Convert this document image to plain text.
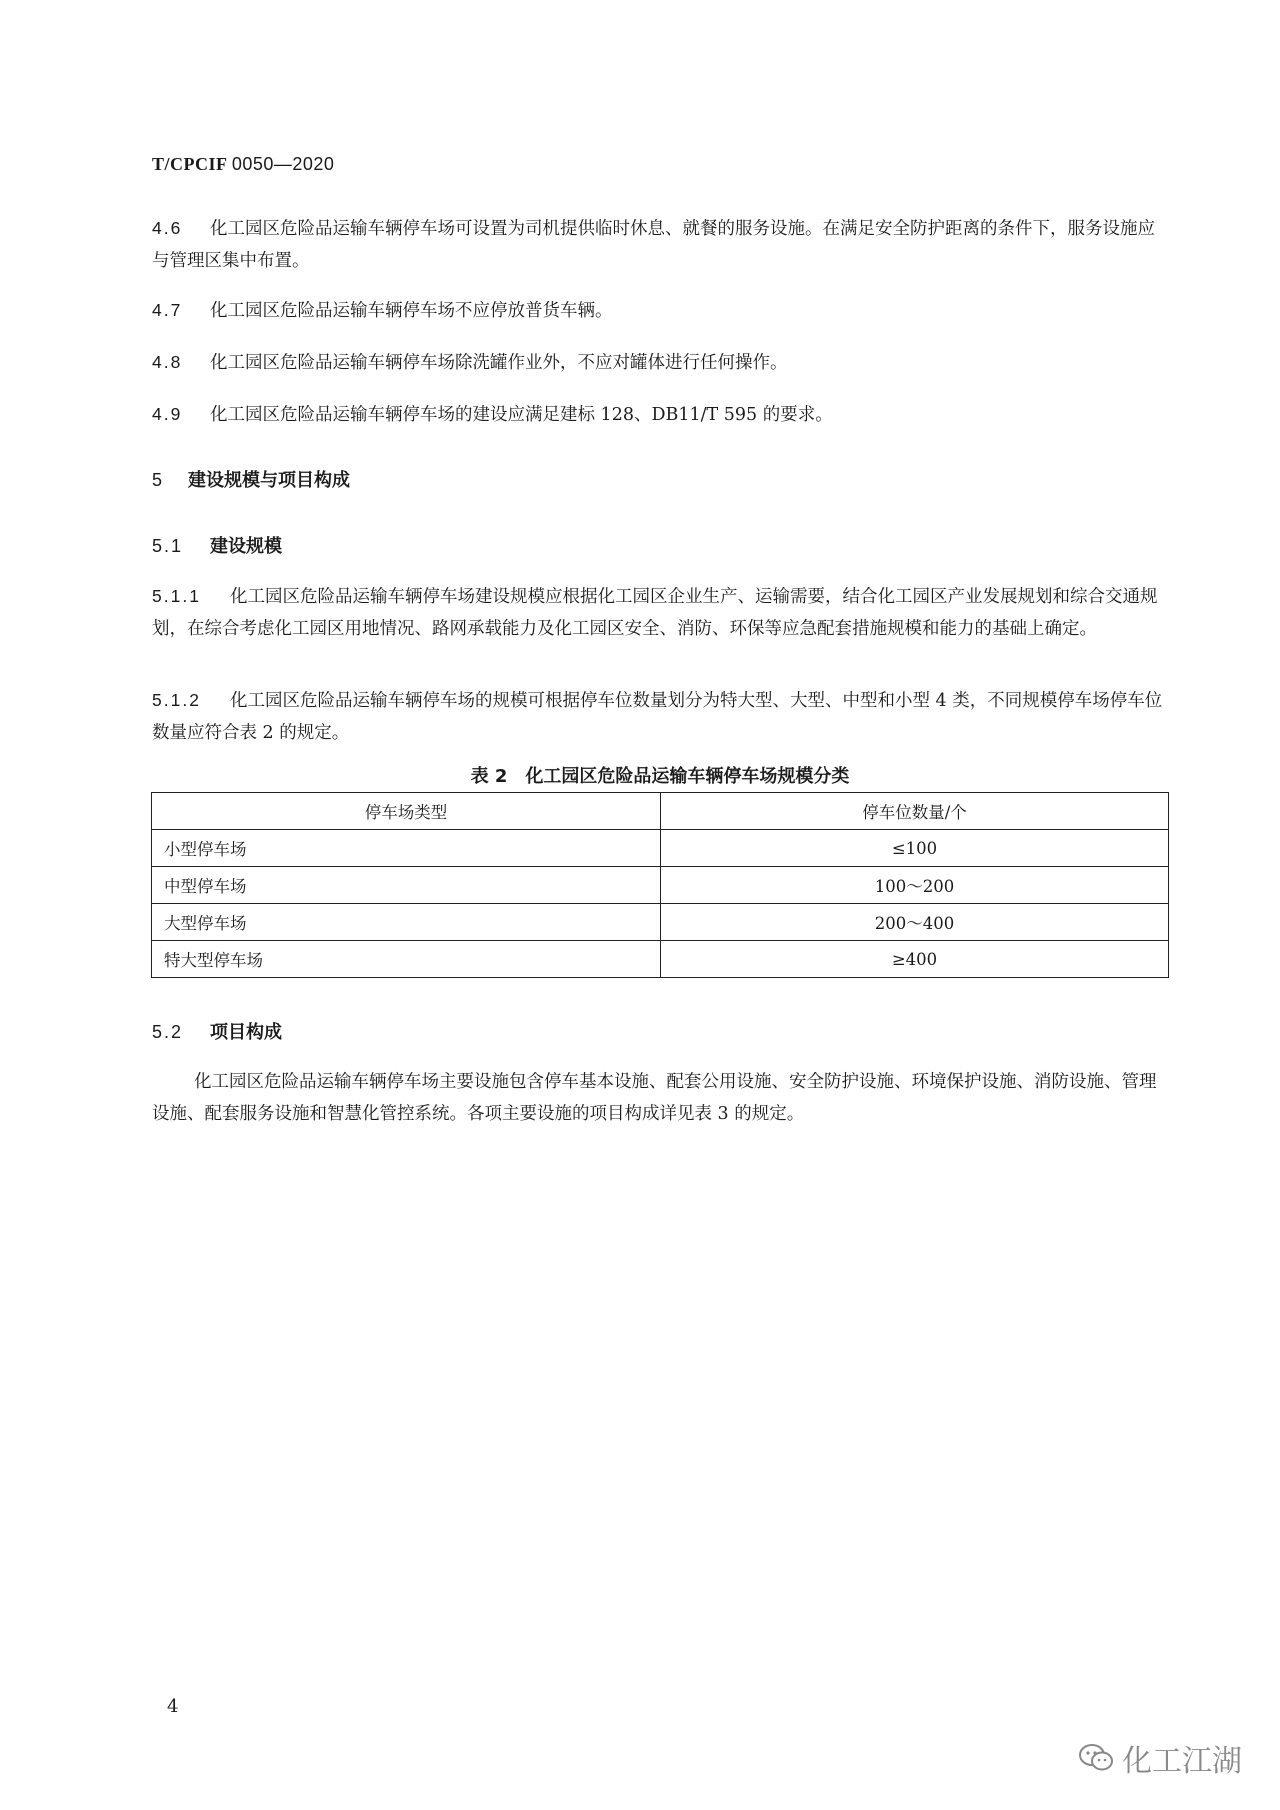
T/CPCIF 0050—2020
4.6 化工园区危险品运输车辆停车场可设置为司机提供临时休息、就餐的服务设施。在满足安全防护距离的条件下，服务设施应与管理区集中布置。
4.7 化工园区危险品运输车辆停车场不应停放普货车辆。
4.8 化工园区危险品运输车辆停车场除洗罐作业外，不应对罐体进行任何操作。
4.9 化工园区危险品运输车辆停车场的建设应满足建标 128、DB11/T 595 的要求。
5 建设规模与项目构成
5.1 建设规模
5.1.1 化工园区危险品运输车辆停车场建设规模应根据化工园区企业生产、运输需要，结合化工园区产业发展规划和综合交通规划，在综合考虑化工园区用地情况、路网承载能力及化工园区安全、消防、环保等应急配套措施规模和能力的基础上确定。
5.1.2 化工园区危险品运输车辆停车场的规模可根据停车位数量划分为特大型、大型、中型和小型 4 类，不同规模停车场停车位数量应符合表 2 的规定。
表 2　化工园区危险品运输车辆停车场规模分类
停车场类型	停车位数量/个
小型停车场	≤100
中型停车场	100～200
大型停车场	200～400
特大型停车场	≥400
5.2 项目构成
化工园区危险品运输车辆停车场主要设施包含停车基本设施、配套公用设施、安全防护设施、环境保护设施、消防设施、管理设施、配套服务设施和智慧化管控系统。各项主要设施的项目构成详见表 3 的规定。
4
化工江湖
